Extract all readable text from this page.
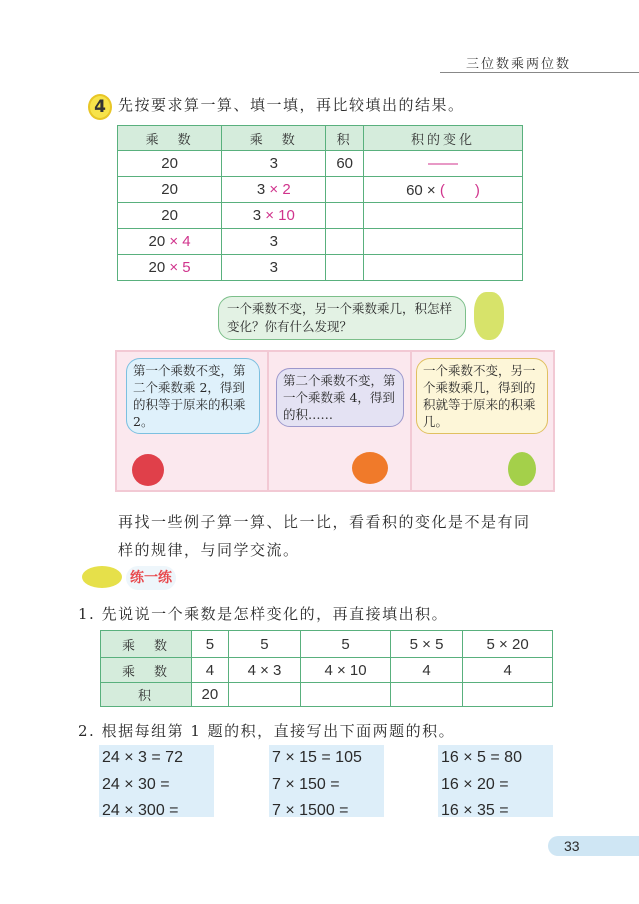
三位数乘两位数
4 先按要求算一算、填一填，再比较填出的结果。
乘　数	乘　数	积	积的变化
20	3	60	——
20	3 × 2		60 × (　　)
20	3 × 10		
20 × 4	3		
20 × 5	3		
一个乘数不变，另一个乘数乘几，积怎样变化？你有什么发现？
第一个乘数不变，第二个乘数乘 2，得到的积等于原来的积乘 2。
第二个乘数不变，第一个乘数乘 4，得到的积……
一个乘数不变，另一个乘数乘几，得到的积就等于原来的积乘几。
再找一些例子算一算、比一比，看看积的变化是不是有同样的规律，与同学交流。
练一练
1. 先说说一个乘数是怎样变化的，再直接填出积。
乘　数	5	5	5	5 × 5	5 × 20
乘　数	4	4 × 3	4 × 10	4	4
积	20				
2. 根据每组第 1 题的积，直接写出下面两题的积。
24 × 3 = 72
24 × 30 =
24 × 300 =
7 × 15 = 105
7 × 150 =
7 × 1500 =
16 × 5 = 80
16 × 20 =
16 × 35 =
33
